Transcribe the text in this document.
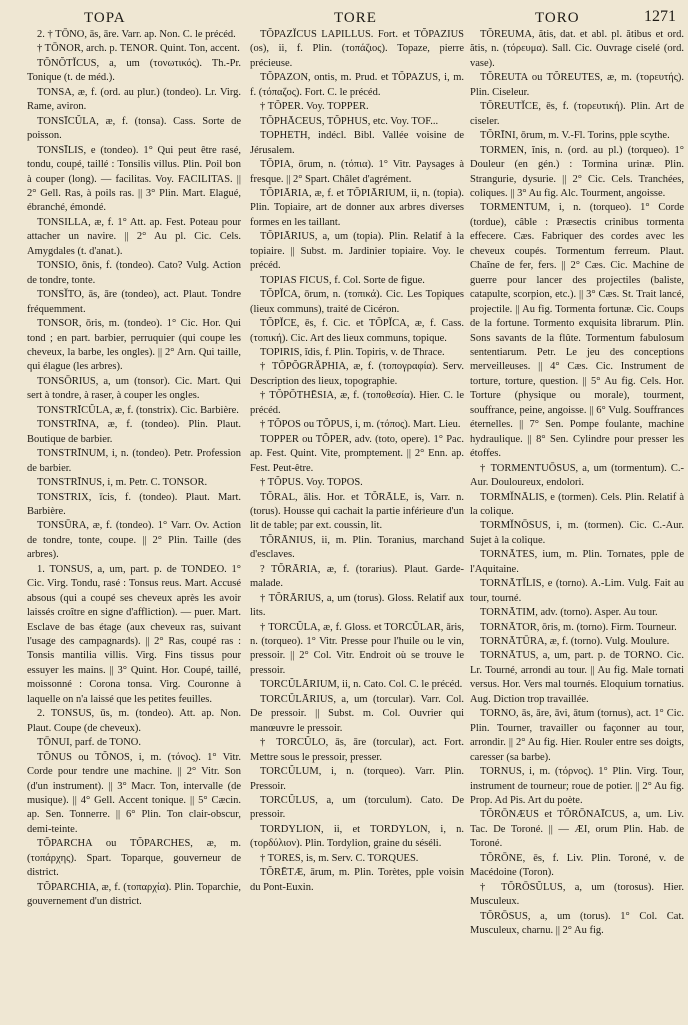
TOPA	TORE	TORO	1271

2. † TŌNO, ās, āre. Varr. ap. Non. C. le précéd.

† TŌNOR, arch. p. TENOR. Quint. Ton, accent.

TŎNŎTĬCUS, a, um (τονωτικός). Th.-Pr. Tonique (t. de méd.).

TONSA, æ, f. (ord. au plur.) (tondeo). Lr. Virg. Rame, aviron.

TONSĪCŬLA, æ, f. (tonsa). Cass. Sorte de poisson.

TONSĪLIS, e (tondeo). 1° Qui peut être rasé, tondu, coupé, taillé : Tonsilis villus. Plin. Poil bon à couper (long). — facilitas. Voy. FACILITAS. || 2° Gell. Ras, à poils ras. || 3° Plin. Mart. Elagué, ébranché, émondé.

TONSILLA, æ, f. 1° Att. ap. Fest. Poteau pour attacher un navire. || 2° Au pl. Cic. Cels. Amygdales (t. d'anat.).

TONSIO, ōnis, f. (tondeo). Cato? Vulg. Action de tondre, tonte.

TONSĬTO, ās, āre (tondeo), act. Plaut. Tondre fréquemment.

TONSOR, ōris, m. (tondeo). 1° Cic. Hor. Qui tond ; en part. barbier, perruquier (qui coupe les cheveux, la barbe, les ongles). || 2° Arn. Qui taille, qui élague (les arbres).

TONSŌRIUS, a, um (tonsor). Cic. Mart. Qui sert à tondre, à raser, à couper les ongles.

TONSTRĪCŬLA, æ, f. (tonstrix). Cic. Barbière.

TONSTRĪNA, æ, f. (tondeo). Plin. Plaut. Boutique de barbier.

TONSTRĪNUM, i, n. (tondeo). Petr. Profession de barbier.

TONSTRĪNUS, i, m. Petr. C. TONSOR.

TONSTRIX, īcis, f. (tondeo). Plaut. Mart. Barbière.

TONSŪRA, æ, f. (tondeo). 1° Varr. Ov. Action de tondre, tonte, coupe. || 2° Plin. Taille (des arbres).

1. TONSUS, a, um, part. p. de TONDEO. 1° Cic. Virg. Tondu, rasé : Tonsus reus. Mart. Accusé absous (qui a coupé ses cheveux après les avoir laissés croître en signe d'affliction). — puer. Mart. Esclave de bas étage (aux cheveux ras, suivant l'usage des campagnards). || 2° Ras, coupé ras : Tonsis mantilia villis. Virg. Fins tissus pour essuyer les mains. || 3° Quint. Hor. Coupé, taillé, moissonné : Corona tonsa. Virg. Couronne à laquelle on n'a laissé que les petites feuilles.

2. TONSUS, ūs, m. (tondeo). Att. ap. Non. Plaut. Coupe (de cheveux).

TŌNUI, parf. de TONO.

TŎNUS ou TŎNOS, i, m. (τόνος). 1° Vitr. Corde pour tendre une machine. || 2° Vitr. Son (d'un instrument). || 3° Macr. Ton, intervalle (de musique). || 4° Gell. Accent tonique. || 5° Cæcin. ap. Sen. Tonnerre. || 6° Plin. Ton clair-obscur, demi-teinte.

TŎPARCHA ou TŎPARCHES, æ, m. (τοπάρχης). Spart. Toparque, gouverneur de district.

TŎPARCHIA, æ, f. (τοπαρχία). Plin. Toparchie, gouvernement d'un district.

TŎPAZĬCUS LAPILLUS. Fort. et TŎPAZIUS (os), ii, f. Plin. (τοπάζιος). Topaze, pierre précieuse.

TŎPAZON, ontis, m. Prud. et TŎPAZUS, i, m. f. (τόπαζος). Fort. C. le précéd.

† TŎPER. Voy. TOPPER.

TŎPHĀCEUS, TŎPHUS, etc. Voy. TOF...

TOPHETH, indécl. Bibl. Vallée voisine de Jérusalem.

TŎPIA, ōrum, n. (τόπια). 1° Vitr. Paysages à fresque. || 2° Spart. Châlet d'agrément.

TŎPIĀRIA, æ, f. et TŎPIĀRIUM, ii, n. (topia). Plin. Topiaire, art de donner aux arbres diverses formes en les taillant.

TŎPIĀRIUS, a, um (topia). Plin. Relatif à la topiaire. || Subst. m. Jardinier topiaire. Voy. le précéd.

TOPIAS FICUS, f. Col. Sorte de figue.

TŎPĬCA, ōrum, n. (τοπικά). Cic. Les Topiques (lieux communs), traité de Cicéron.

TŎPĬCE, ēs, f. Cic. et TŎPĬCA, æ, f. Cass. (τοπική). Cic. Art des lieux communs, topique.

TOPIRIS, ĭdis, f. Plin. Topiris, v. de Thrace.

† TŎPŎGRĂPHIA, æ, f. (τοπογραφία). Serv. Description des lieux, topographie.

† TŎPŎTHĒSIA, æ, f. (τοποθεσία). Hier. C. le précéd.

† TŎPOS ou TŎPUS, i, m. (τόπος). Mart. Lieu.

TOPPER ou TŎPER, adv. (toto, opere). 1° Pac. ap. Fest. Quint. Vite, promptement. || 2° Enn. ap. Fest. Peut-être.

† TŎPUS. Voy. TOPOS.

TŎRAL, ālis. Hor. et TŎRĀLE, is, Varr. n. (torus). Housse qui cachait la partie inférieure d'un lit de table; par ext. coussin, lit.

TŎRĀNIUS, ii, m. Plin. Toranius, marchand d'esclaves.

? TŎRĀRIA, æ, f. (torarius). Plaut. Garde-malade.

† TŎRĀRIUS, a, um (torus). Gloss. Relatif aux lits.

† TORCŬLA, æ, f. Gloss. et TORCŬLAR, āris, n. (torqueo). 1° Vitr. Presse pour l'huile ou le vin, pressoir. || 2° Col. Vitr. Endroit où se trouve le pressoir.

TORCŬLĀRIUM, ii, n. Cato. Col. C. le précéd.

TORCŬLĀRIUS, a, um (torcular). Varr. Col. De pressoir. || Subst. m. Col. Ouvrier qui manœuvre le pressoir.

† TORCŬLO, ās, āre (torcular), act. Fort. Mettre sous le pressoir, presser.

TORCŬLUM, i, n. (torqueo). Varr. Plin. Pressoir.

TORCŬLUS, a, um (torculum). Cato. De pressoir.

TORDYLION, ii, et TORDYLON, i, n. (τορδύλιον). Plin. Tordylion, graine du séséli.

† TORES, is, m. Serv. C. TORQUES.

TŎRĒTÆ, ārum, m. Plin. Torètes, pple voisin du Pont-Euxin.

TŎREUMA, ătis, dat. et abl. pl. ătibus et ord. ătis, n. (τόρευμα). Sall. Cic. Ouvrage ciselé (ord. vase).

TŎREUTA ou TŎREUTES, æ, m. (τορευτής). Plin. Ciseleur.

TŎREUTĬCE, ēs, f. (τορευτική). Plin. Art de ciseler.

TŎRĪNI, ōrum, m. V.-Fl. Torins, pple scythe.

TORMEN, ĭnis, n. (ord. au pl.) (torqueo). 1° Douleur (en gén.) : Tormina urinæ. Plin. Strangurie, dysurie. || 2° Cic. Cels. Tranchées, coliques. || 3° Au fig. Alc. Tourment, angoisse.

TORMENTUM, i, n. (torqueo). 1° Corde (tordue), câble : Præsectis crinibus tormenta effecere. Cæs. Fabriquer des cordes avec les cheveux coupés. Tormentum ferreum. Plaut. Chaîne de fer, fers. || 2° Cæs. Cic. Machine de guerre pour lancer des projectiles (baliste, catapulte, scorpion, etc.). || 3° Cæs. St. Trait lancé, projectile. || Au fig. Tormenta fortunæ. Cic. Coups de la fortune. Tormento exquisita librarum. Plin. Sons savants de la flûte. Tormentum fabulosum sententiarum. Petr. Le jeu des conceptions merveilleuses. || 4° Cæs. Cic. Instrument de torture, torture, question. || 5° Au fig. Cels. Hor. Torture (physique ou morale), tourment, souffrance, peine, angoisse. || 6° Vulg. Souffrances éternelles. || 7° Sen. Pompe foulante, machine hydraulique. || 8° Sen. Cylindre pour presser les étoffes.

† TORMENTUŌSUS, a, um (tormentum). C.-Aur. Douloureux, endolori.

TORMĬNĀLIS, e (tormen). Cels. Plin. Relatif à la colique.

TORMĬNŌSUS, i, m. (tormen). Cic. C.-Aur. Sujet à la colique.

TORNĀTES, ium, m. Plin. Tornates, pple de l'Aquitaine.

TORNĀTĬLIS, e (torno). A.-Lim. Vulg. Fait au tour, tourné.

TORNĀTIM, adv. (torno). Asper. Au tour.

TORNĀTOR, ōris, m. (torno). Firm. Tourneur.

TORNĀTŪRA, æ, f. (torno). Vulg. Moulure.

TORNĀTUS, a, um, part. p. de TORNO. Cic. Lr. Tourné, arrondi au tour. || Au fig. Male tornati versus. Hor. Vers mal tournés. Eloquium tornatius. Aug. Diction trop travaillée.

TORNO, ās, āre, āvi, ātum (tornus), act. 1° Cic. Plin. Tourner, travailler ou façonner au tour, arrondir. || 2° Au fig. Hier. Rouler entre ses doigts, caresser (sa barbe).

TORNUS, i, m. (τόρνος). 1° Plin. Virg. Tour, instrument de tourneur; roue de potier. || 2° Au fig. Prop. Ad Pis. Art du poète.

TŎRŌNÆUS et TŎRŌNAĪCUS, a, um. Liv. Tac. De Toroné. || — ÆI, orum Plin. Hab. de Toroné.

TŎRŌNE, ēs, f. Liv. Plin. Toroné, v. de Macédoine (Toron).

† TŎRŌSŬLUS, a, um (torosus). Hier. Musculeux.

TŎRŌSUS, a, um (torus). 1° Col. Cat. Musculeux, charnu. || 2° Au fig.
